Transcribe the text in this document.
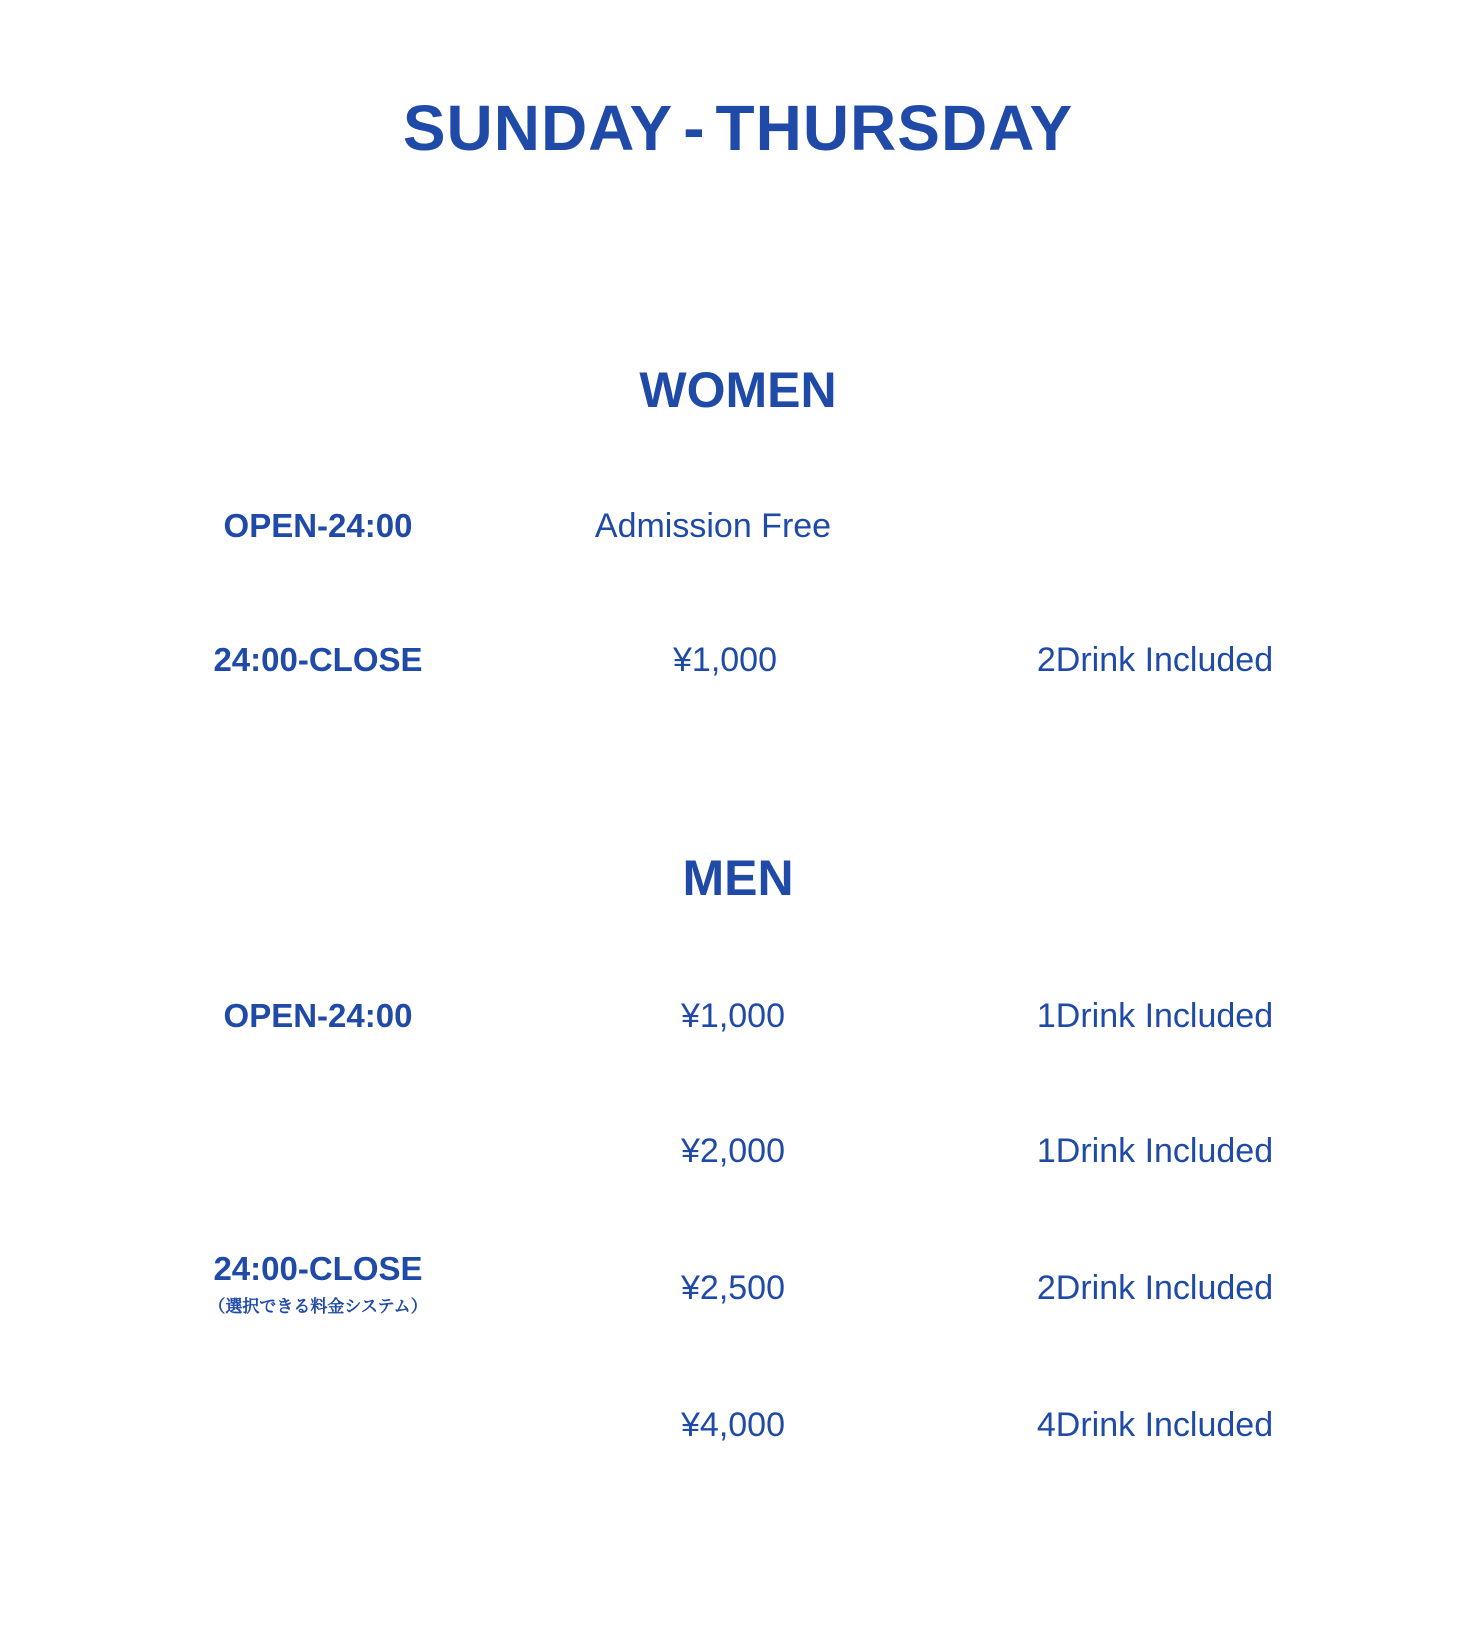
SUNDAY - THURSDAY
WOMEN
OPEN-24:00	Admission Free
24:00-CLOSE	¥1,000	2Drink Included
MEN
OPEN-24:00	¥1,000	1Drink Included
¥2,000	1Drink Included
24:00-CLOSE
（選択できる料金システム）	¥2,500	2Drink Included
¥4,000	4Drink Included
